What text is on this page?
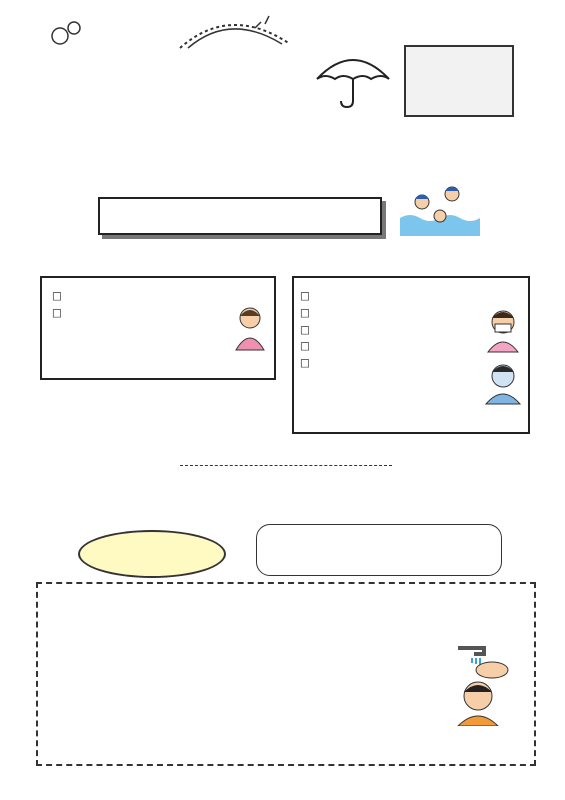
□
□
□
□
□
□
□
